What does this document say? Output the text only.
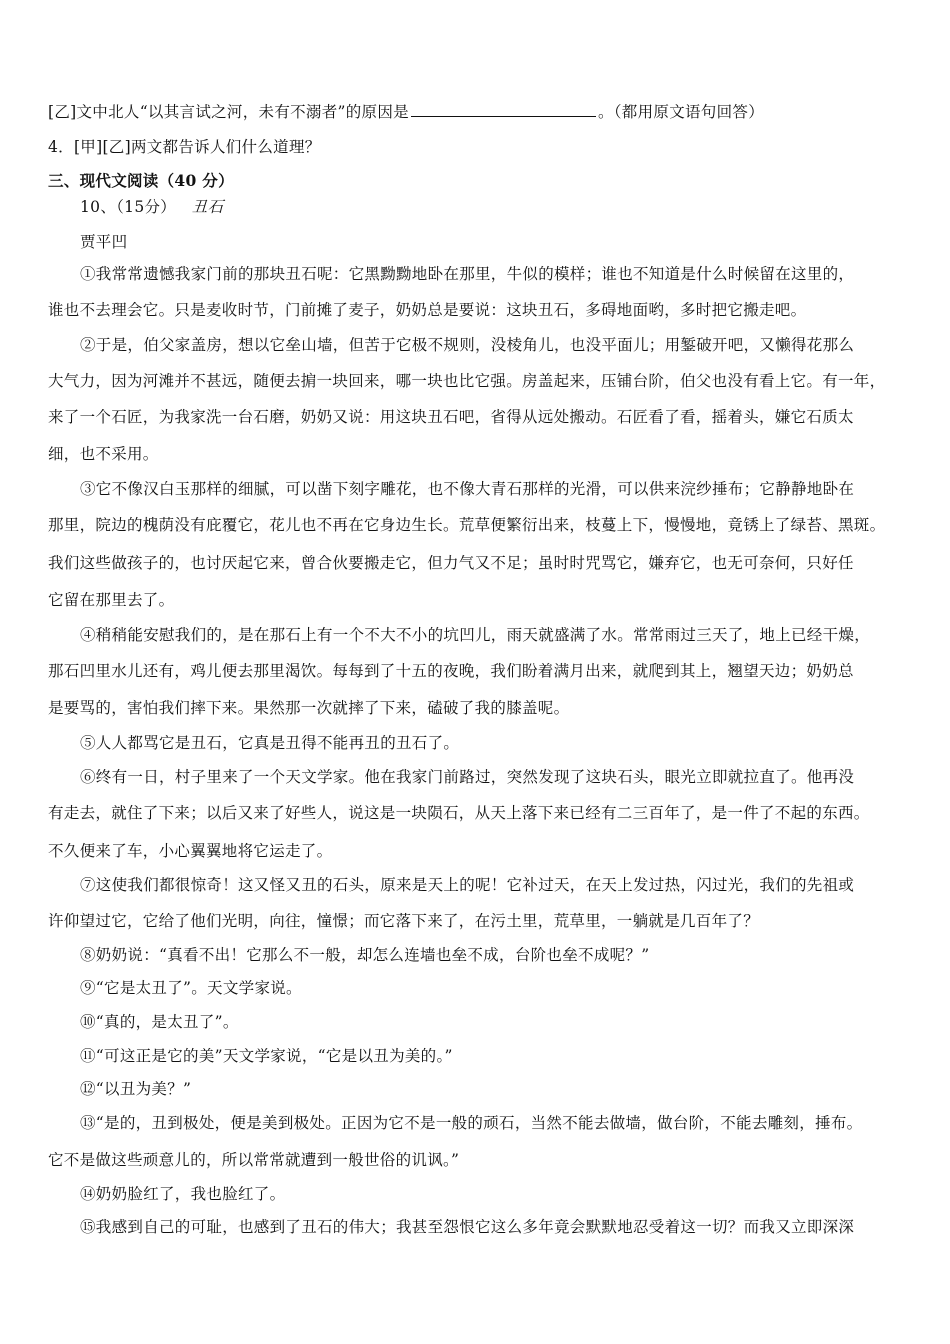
[乙]文中北人“以其言试之河，未有不溺者”的原因是	。（都用原文语句回答）
4．[甲][乙]两文都告诉人们什么道理？
三、现代文阅读（40 分）
10、（15分） 丑石
贾平凹
①我常常遗憾我家门前的那块丑石呢：它黑黝黝地卧在那里，牛似的模样；谁也不知道是什么时候留在这里的，
谁也不去理会它。只是麦收时节，门前摊了麦子，奶奶总是要说：这块丑石，多碍地面哟，多时把它搬走吧。
②于是，伯父家盖房，想以它垒山墙，但苦于它极不规则，没棱角儿，也没平面儿；用錾破开吧，又懒得花那么
大气力，因为河滩并不甚远，随便去掮一块回来，哪一块也比它强。房盖起来，压铺台阶，伯父也没有看上它。有一年，
来了一个石匠，为我家洗一台石磨，奶奶又说：用这块丑石吧，省得从远处搬动。石匠看了看，摇着头，嫌它石质太
细，也不采用。
③它不像汉白玉那样的细腻，可以凿下刻字雕花，也不像大青石那样的光滑，可以供来浣纱捶布；它静静地卧在
那里，院边的槐荫没有庇覆它，花儿也不再在它身边生长。荒草便繁衍出来，枝蔓上下，慢慢地，竟锈上了绿苔、黑斑。
我们这些做孩子的，也讨厌起它来，曾合伙要搬走它，但力气又不足；虽时时咒骂它，嫌弃它，也无可奈何，只好任
它留在那里去了。
④稍稍能安慰我们的，是在那石上有一个不大不小的坑凹儿，雨天就盛满了水。常常雨过三天了，地上已经干燥，
那石凹里水儿还有，鸡儿便去那里渴饮。每每到了十五的夜晚，我们盼着满月出来，就爬到其上，翘望天边；奶奶总
是要骂的，害怕我们摔下来。果然那一次就摔了下来，磕破了我的膝盖呢。
⑤人人都骂它是丑石，它真是丑得不能再丑的丑石了。
⑥终有一日，村子里来了一个天文学家。他在我家门前路过，突然发现了这块石头，眼光立即就拉直了。他再没
有走去，就住了下来；以后又来了好些人，说这是一块陨石，从天上落下来已经有二三百年了，是一件了不起的东西。
不久便来了车，小心翼翼地将它运走了。
⑦这使我们都很惊奇！这又怪又丑的石头，原来是天上的呢！它补过天，在天上发过热，闪过光，我们的先祖或
许仰望过它，它给了他们光明，向往，憧憬；而它落下来了，在污土里，荒草里，一躺就是几百年了？
⑧奶奶说：“真看不出！它那么不一般，却怎么连墙也垒不成，台阶也垒不成呢？”
⑨“它是太丑了”。天文学家说。
⑩“真的，是太丑了”。
⑪“可这正是它的美”天文学家说，“它是以丑为美的。”
⑫“以丑为美？”
⑬“是的，丑到极处，便是美到极处。正因为它不是一般的顽石，当然不能去做墙，做台阶，不能去雕刻，捶布。
它不是做这些顽意儿的，所以常常就遭到一般世俗的讥讽。”
⑭奶奶脸红了，我也脸红了。
⑮我感到自己的可耻，也感到了丑石的伟大；我甚至怨恨它这么多年竟会默默地忍受着这一切？而我又立即深深
